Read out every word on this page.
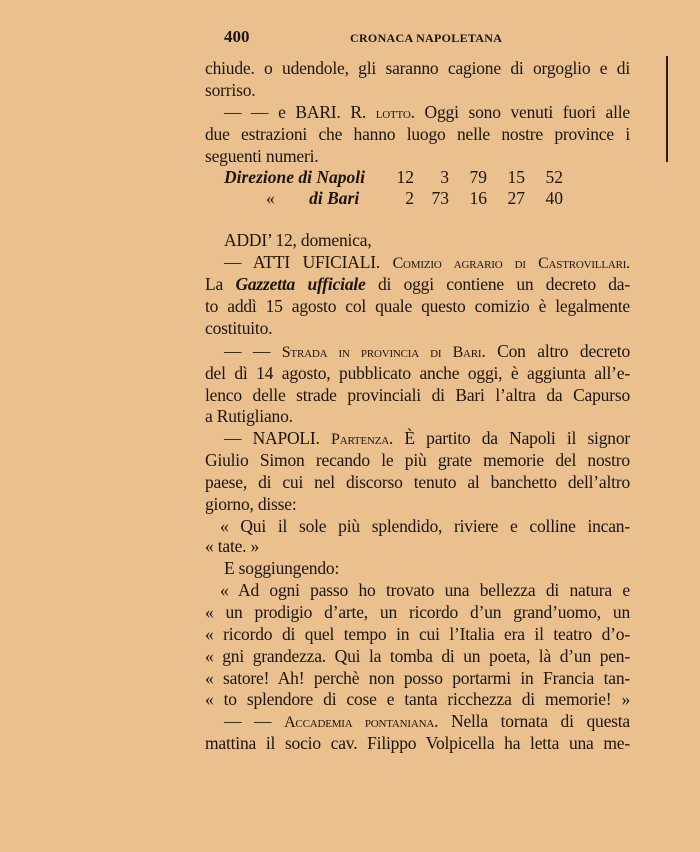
400	CRONACA NAPOLETANA
chiude. o udendole, gli saranno cagione di orgoglio e di
sorriso.
— — e BARI. R. lotto. Oggi sono venuti fuori alle
due estrazioni che hanno luogo nelle nostre province i
seguenti numeri.
Direzione di Napoli	12	3	79	15	52
« di Bari	2	73	16	27	40
ADDI’ 12, domenica,
— ATTI UFICIALI. Comizio agrario di Castrovillari.
La Gazzetta ufficiale di oggi contiene un decreto da-
to addì 15 agosto col quale questo comizio è legalmente
costituito.
— — Strada in provincia di Bari. Con altro decreto
del dì 14 agosto, pubblicato anche oggi, è aggiunta all’e-
lenco delle strade provinciali di Bari l’altra da Capurso
a Rutigliano.
— NAPOLI. Partenza. È partito da Napoli il signor
Giulio Simon recando le più grate memorie del nostro
paese, di cui nel discorso tenuto al banchetto dell’altro
giorno, disse:
« Qui il sole più splendido, riviere e colline incan-
« tate. »
E soggiungendo:
« Ad ogni passo ho trovato una bellezza di natura e
« un prodigio d’arte, un ricordo d’un grand’uomo, un
« ricordo di quel tempo in cui l’Italia era il teatro d’o-
« gni grandezza. Qui la tomba di un poeta, là d’un pen-
« satore! Ah! perchè non posso portarmi in Francia tan-
« to splendore di cose e tanta ricchezza di memorie! »
— — Accademia pontaniana. Nella tornata di questa
mattina il socio cav. Filippo Volpicella ha letta una me-
